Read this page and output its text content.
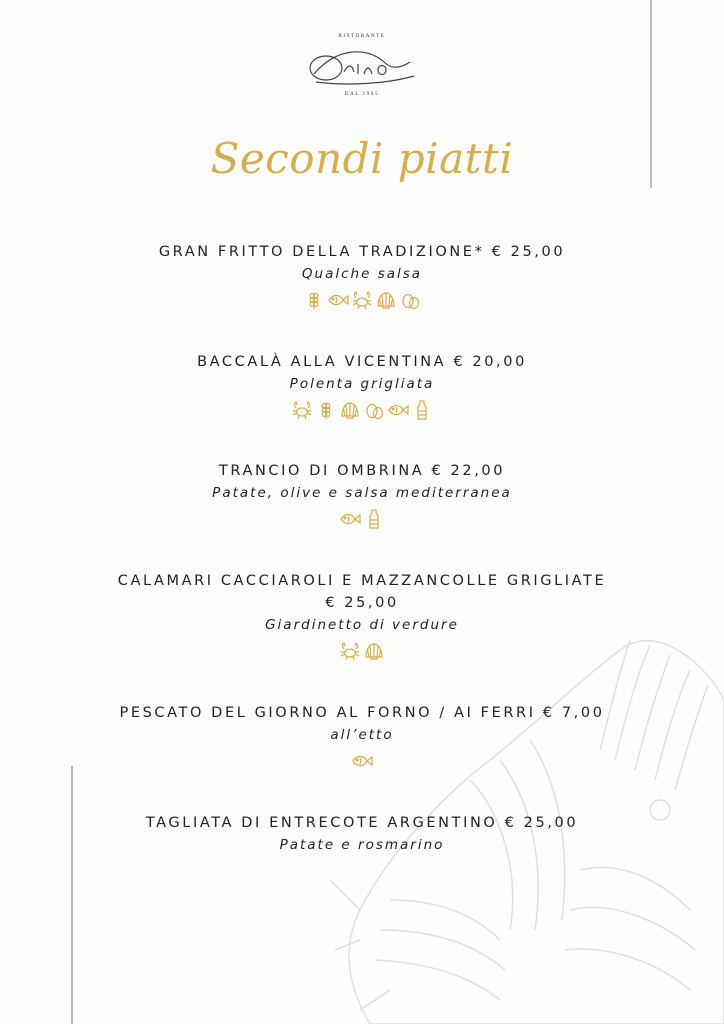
RISTORANTE
DAL 1965
Secondi piatti
GRAN FRITTO DELLA TRADIZIONE* € 25,00
Qualche salsa
BACCALÀ ALLA VICENTINA € 20,00
Polenta grigliata
TRANCIO DI OMBRINA € 22,00
Patate, olive e salsa mediterranea
CALAMARI CACCIAROLI E MAZZANCOLLE GRIGLIATE
€ 25,00
Giardinetto di verdure
PESCATO DEL GIORNO AL FORNO / AI FERRI € 7,00
all’etto
TAGLIATA DI ENTRECOTE ARGENTINO € 25,00
Patate e rosmarino
